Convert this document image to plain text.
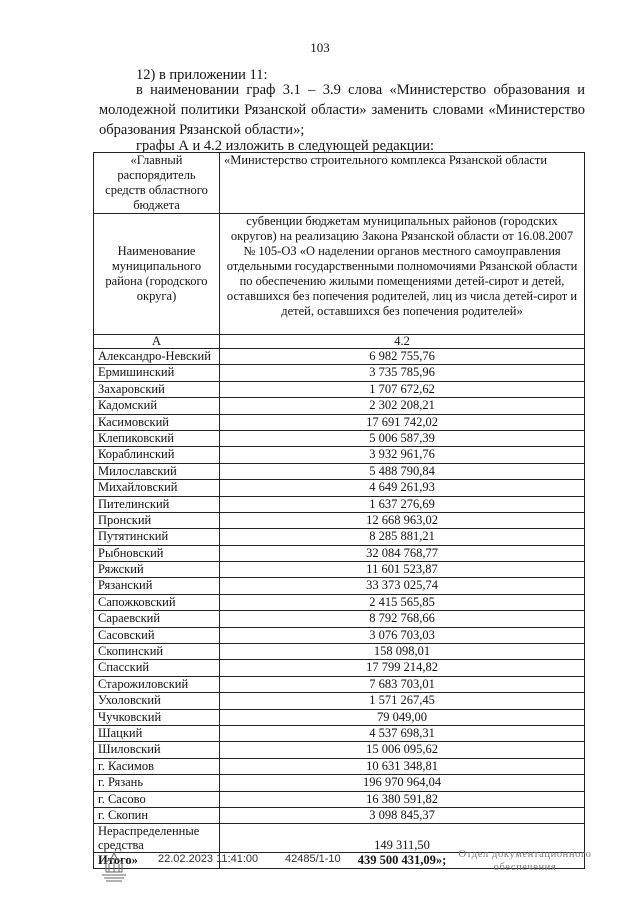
103
12) в приложении 11:
в наименовании граф 3.1 – 3.9 слова «Министерство образования и молодежной политики Рязанской области» заменить словами «Министерство образования Рязанской области»;
графы А и 4.2 изложить в следующей редакции:
«Главный распорядитель средств областного бюджета	«Министерство строительного комплекса Рязанской области
Наименование муниципального района (городского округа)	субвенции бюджетам муниципальных районов (городских округов) на реализацию Закона Рязанской области от 16.08.2007 № 105-ОЗ «О наделении органов местного самоуправления отдельными государственными полномочиями Рязанской области по обеспечению жилыми помещениями детей-сирот и детей, оставшихся без попечения родителей, лиц из числа детей-сирот и детей, оставшихся без попечения родителей»
А	4.2
Александро-Невский	6 982 755,76
Ермишинский	3 735 785,96
Захаровский	1 707 672,62
Кадомский	2 302 208,21
Касимовский	17 691 742,02
Клепиковский	5 006 587,39
Кораблинский	3 932 961,76
Милославский	5 488 790,84
Михайловский	4 649 261,93
Пителинский	1 637 276,69
Пронский	12 668 963,02
Путятинский	8 285 881,21
Рыбновский	32 084 768,77
Ряжский	11 601 523,87
Рязанский	33 373 025,74
Сапожковский	2 415 565,85
Сараевский	8 792 768,66
Сасовский	3 076 703,03
Скопинский	158 098,01
Спасский	17 799 214,82
Старожиловский	7 683 703,01
Ухоловский	1 571 267,45
Чучковский	79 049,00
Шацкий	4 537 698,31
Шиловский	15 006 095,62
г. Касимов	10 631 348,81
г. Рязань	196 970 964,04
г. Сасово	16 380 591,82
г. Скопин	3 098 845,37
Нераспределенные средства	149 311,50
Итого»	439 500 431,09»;
22.02.2023 11:41:00 42485/1-10	Отдел документационного обеспечения
